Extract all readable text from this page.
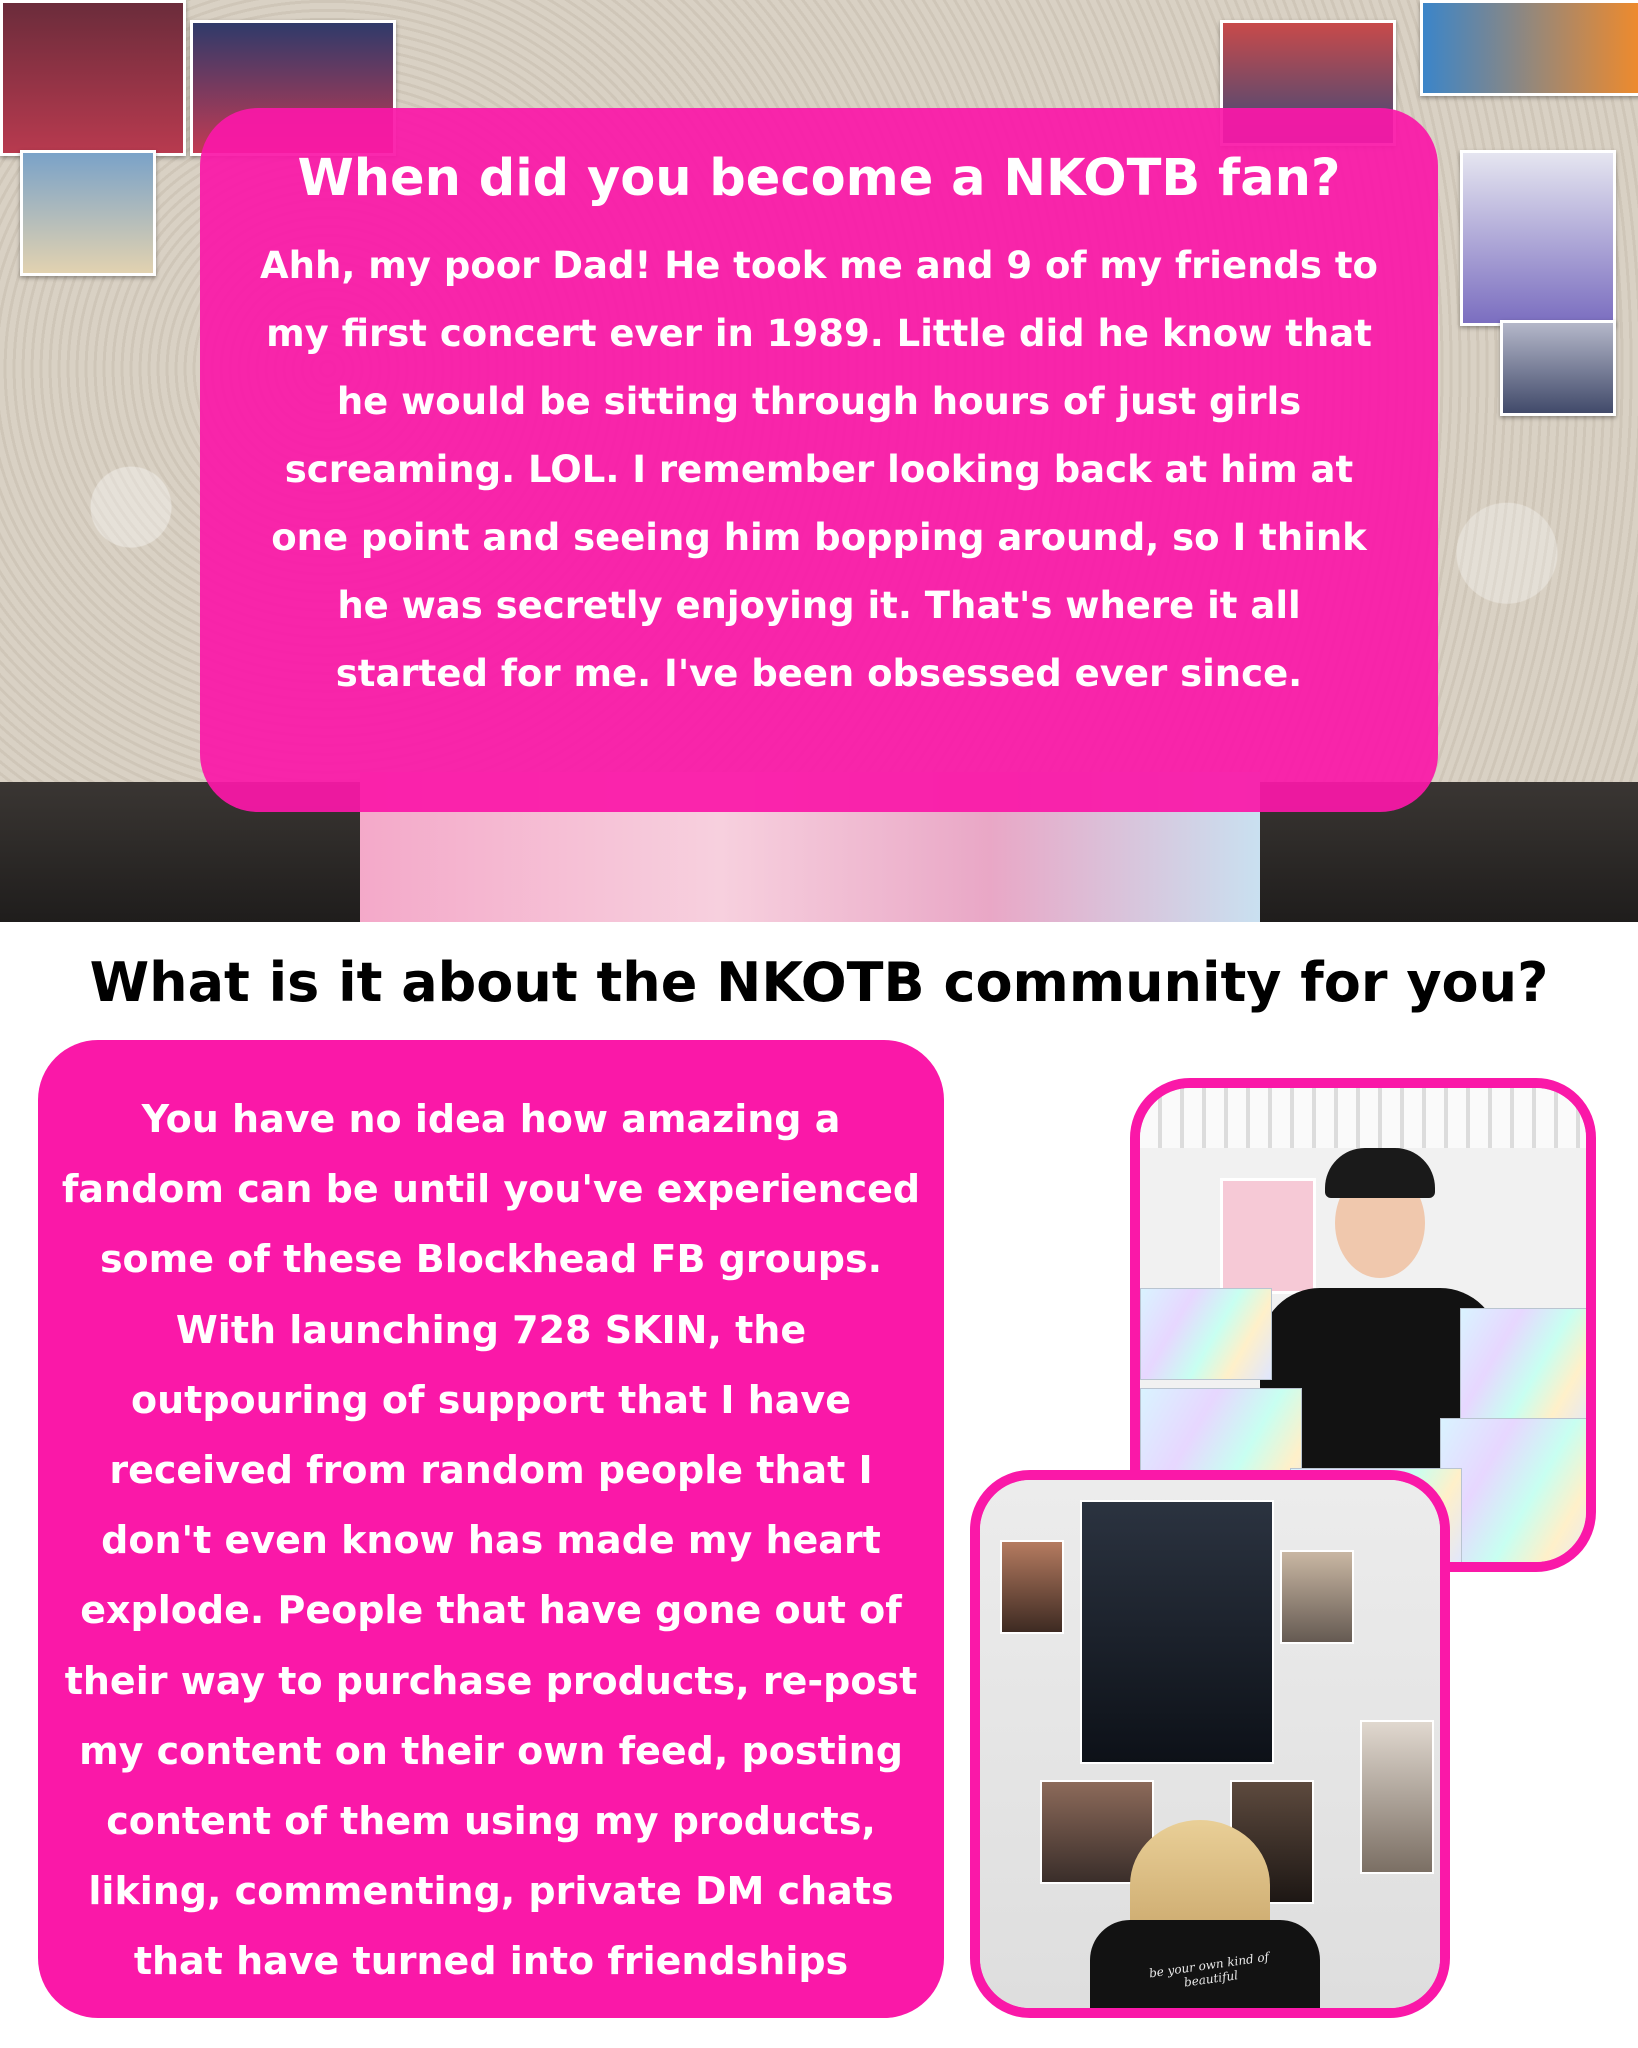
When did you become a NKOTB fan?

Ahh, my poor Dad! He took me and 9 of my friends to my first concert ever in 1989. Little did he know that he would be sitting through hours of just girls screaming. LOL. I remember looking back at him at one point and seeing him bopping around, so I think he was secretly enjoying it. That's where it all started for me. I've been obsessed ever since.

What is it about the NKOTB community for you?

You have no idea how amazing a fandom can be until you've experienced some of these Blockhead FB groups. With launching 728 SKIN, the outpouring of support that I have received from random people that I don't even know has made my heart explode. People that have gone out of their way to purchase products, re-post my content on their own feed, posting content of them using my products, liking, commenting, private DM chats that have turned into friendships	be your own kind of beautiful
